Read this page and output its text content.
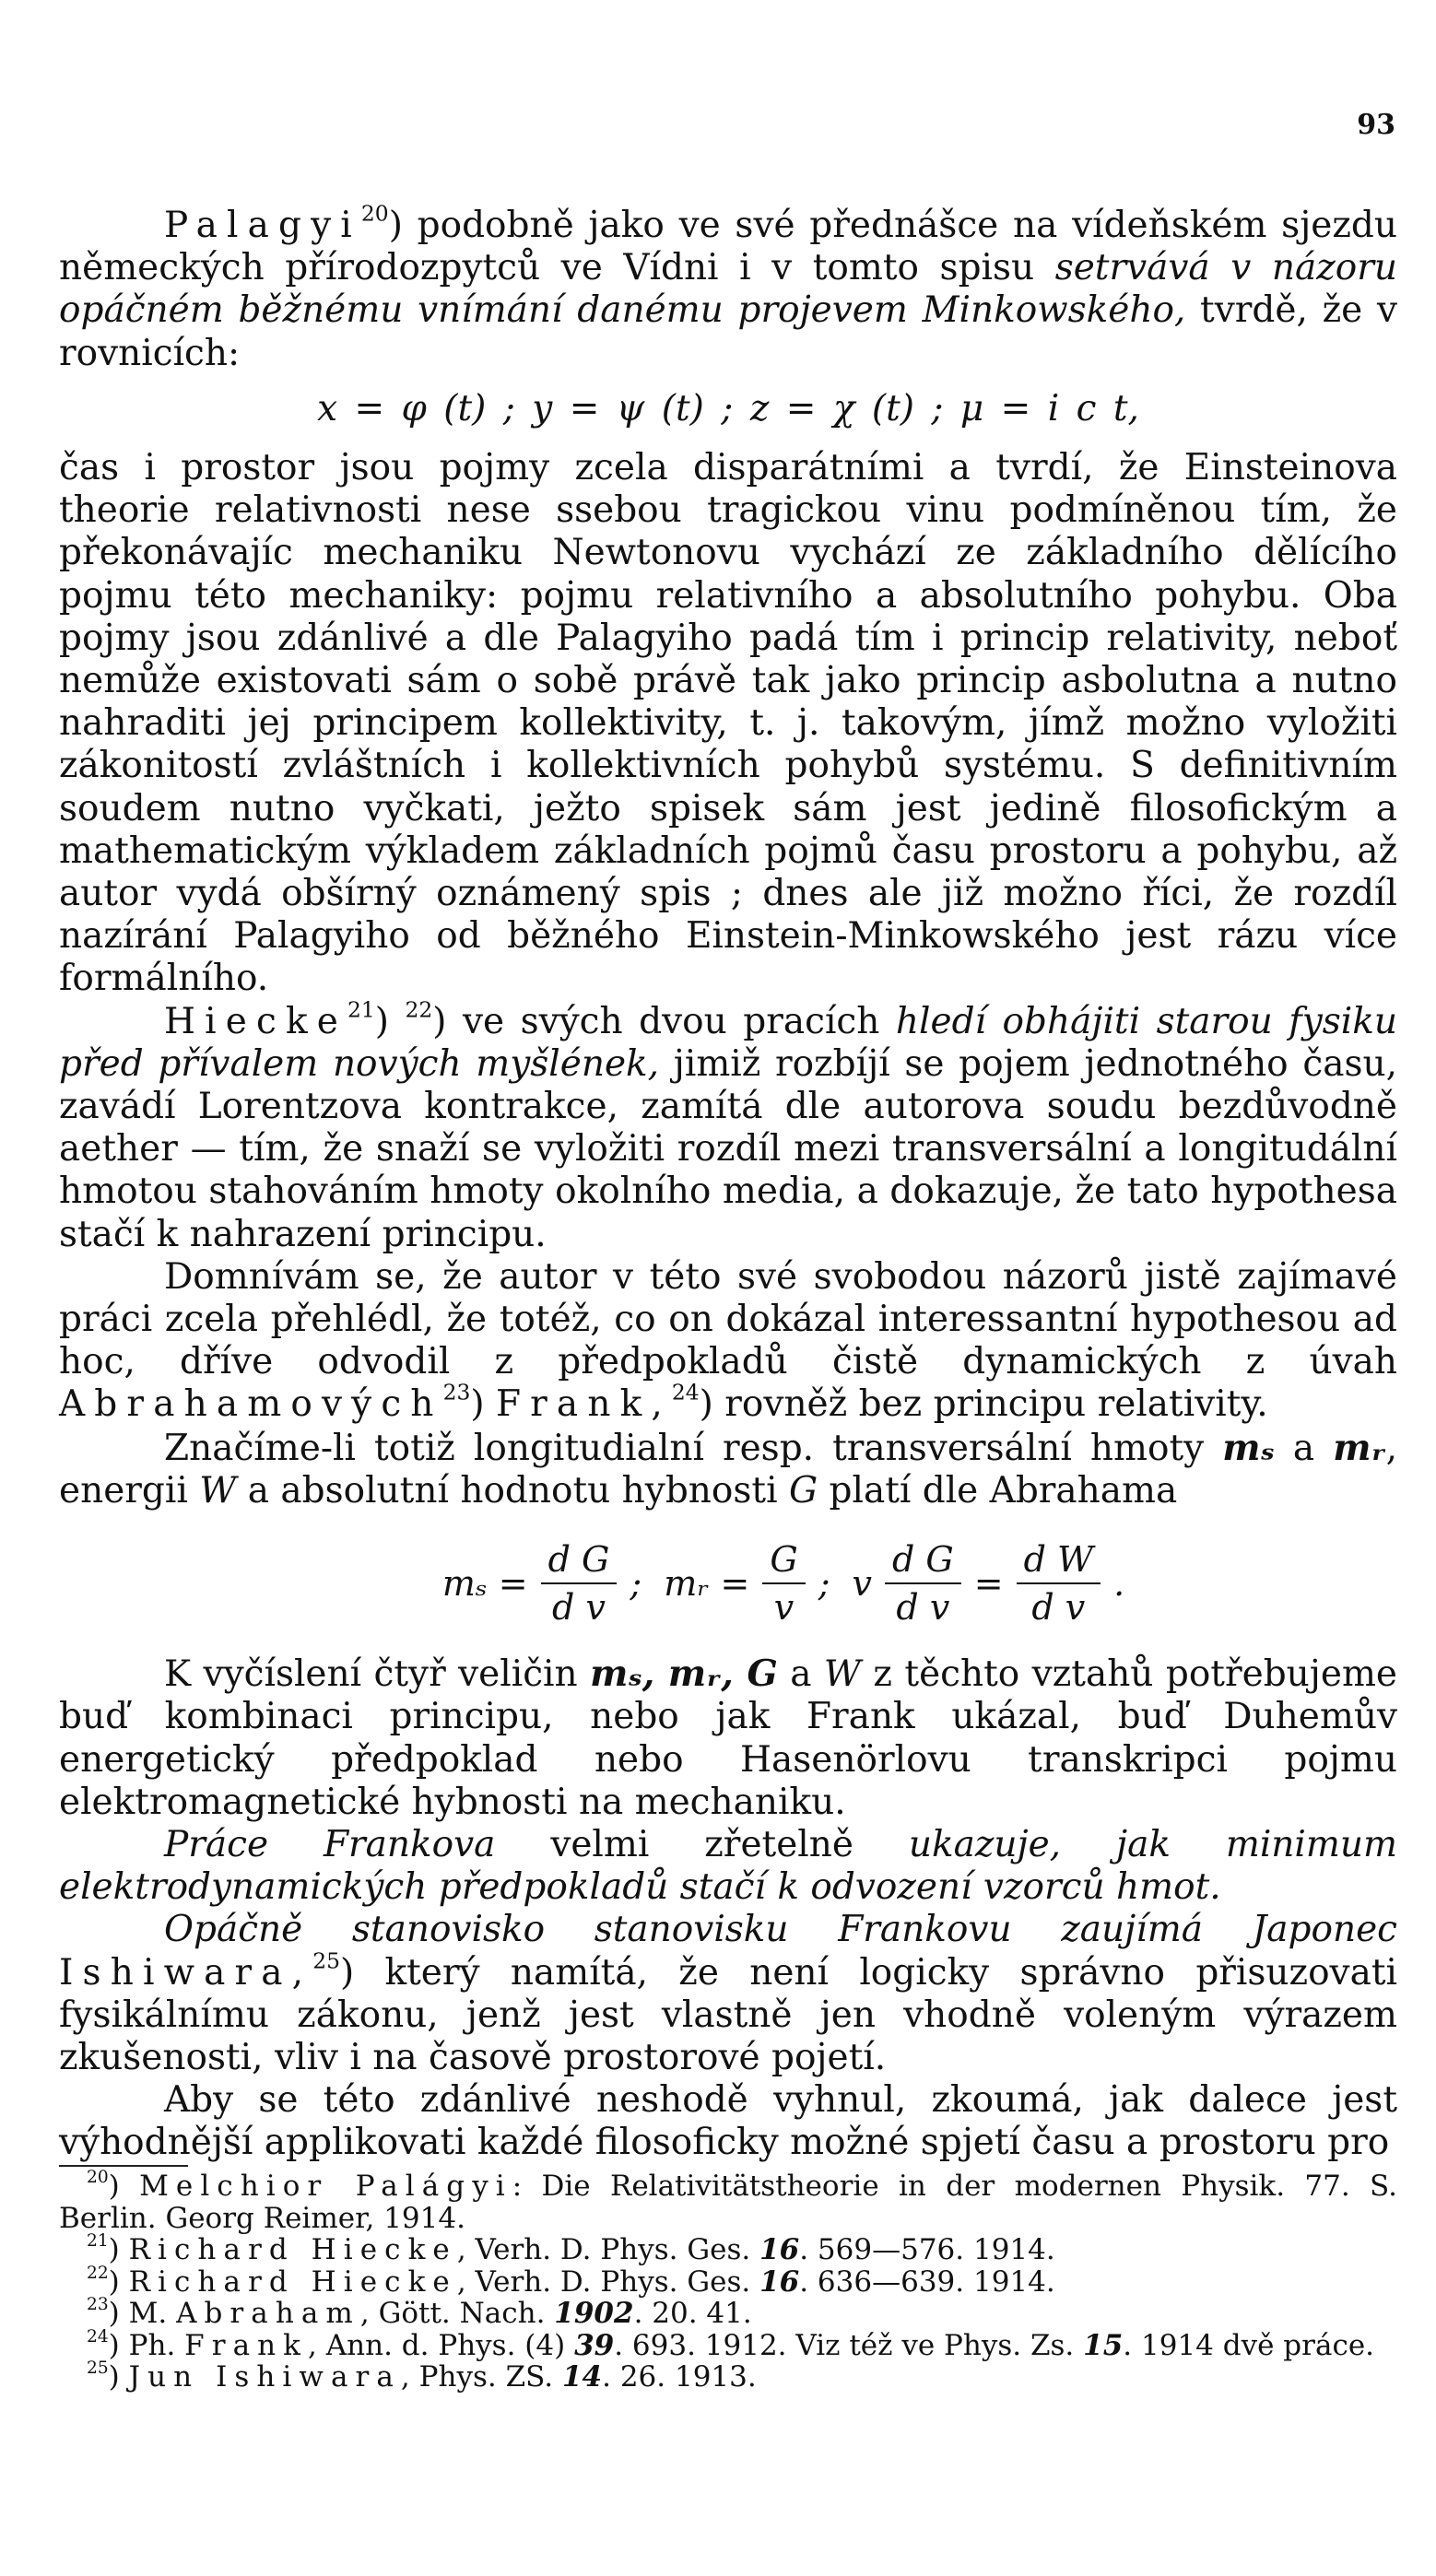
93

Palagyi$^{20}$) podobně jako ve své přednášce na vídeňském sjezdu německých přírodozpytců ve Vídni i v tomto spisu setrvává v názoru opáčném běžnému vnímání danému projevem Minkowského, tvrdě, že v rovnicích:

x = φ (t) ; y = ψ (t) ; z = χ (t) ; μ = i c t,

čas i prostor jsou pojmy zcela disparátními a tvrdí, že Einsteinova theorie relativnosti nese ssebou tragickou vinu podmíněnou tím, že překonávajíc mechaniku Newtonovu vychází ze základního dělícího pojmu této mechaniky: pojmu relativního a absolutního pohybu. Oba pojmy jsou zdánlivé a dle Palagyiho padá tím i princip relativity, neboť nemůže existovati sám o sobě právě tak jako princip asbolutna a nutno nahraditi jej principem kollektivity, t. j. takovým, jímž možno vyložiti zákonitostí zvláštních i kollektivních pohybů systému. S definitivním soudem nutno vyčkati, ježto spisek sám jest jedině filosofickým a mathematickým výkladem základních pojmů času prostoru a pohybu, až autor vydá obšírný oznámený spis ; dnes ale již možno říci, že rozdíl nazírání Palagyiho od běžného Einstein-Minkowského jest rázu více formálního.

Hiecke$^{21}$) $^{22}$) ve svých dvou pracích hledí obhájiti starou fysiku před přívalem nových myšlének, jimiž rozbíjí se pojem jednotného času, zavádí Lorentzova kontrakce, zamítá dle autorova soudu bezdůvodně aether — tím, že snaží se vyložiti rozdíl mezi transversální a longitudální hmotou stahováním hmoty okolního media, a dokazuje, že tato hypothesa stačí k nahrazení principu.

Domnívám se, že autor v této své svobodou názorů jistě zajímavé práci zcela přehlédl, že totéž, co on dokázal interessantní hypothesou ad hoc, dříve odvodil z předpokladů čistě dynamických z úvah Abrahamových$^{23}$) Frank,$^{24}$) rovněž bez principu relativity.

Značíme-li totiž longitudialní resp. transversální hmoty mₛ a mᵣ, energii W a absolutní hodnotu hybnosti G platí dle Abrahama

$m_s = \frac{\text{d G}}{\text{d v}}$ ; mᵣ = $\frac{G}{v}$ ; v $\frac{\text{d G}}{\text{d v}} = \frac{\text{d W}}{\text{d v}}$ .

K vyčíslení čtyř veličin mₛ, mᵣ, G a W z těchto vztahů potřebujeme buď kombinaci principu, nebo jak Frank ukázal, buď Duhemův energetický předpoklad nebo Hasenörlovu transkripci pojmu elektromagnetické hybnosti na mechaniku.

Práce Frankova velmi zřetelně ukazuje, jak minimum elektrodynamických předpokladů stačí k odvození vzorců hmot.

Opáčně stanovisko stanovisku Frankovu zaujímá Japonec Ishiwara,$^{25}$) který namítá, že není logicky správno přisuzovati fysikálnímu zákonu, jenž jest vlastně jen vhodně voleným výrazem zkušenosti, vliv i na časově prostorové pojetí.

Aby se této zdánlivé neshodě vyhnul, zkoumá, jak dalece jest výhodnější applikovati každé filosoficky možné spjetí času a prostoru pro

$^{20}$) Melchior Palágyi: Die Relativitätstheorie in der modernen Physik. 77. S. Berlin. Georg Reimer, 1914.

$^{21}$) Richard Hiecke, Verh. D. Phys. Ges. 16. 569—576. 1914.

$^{22}$) Richard Hiecke, Verh. D. Phys. Ges. 16. 636—639. 1914.

$^{23}$) M. Abraham, Gött. Nach. 1902. 20. 41.

$^{24}$) Ph. Frank, Ann. d. Phys. (4) 39. 693. 1912. Viz též ve Phys. Zs. 15. 1914 dvě práce.

$^{25}$) Jun Ishiwara, Phys. ZS. 14. 26. 1913.
